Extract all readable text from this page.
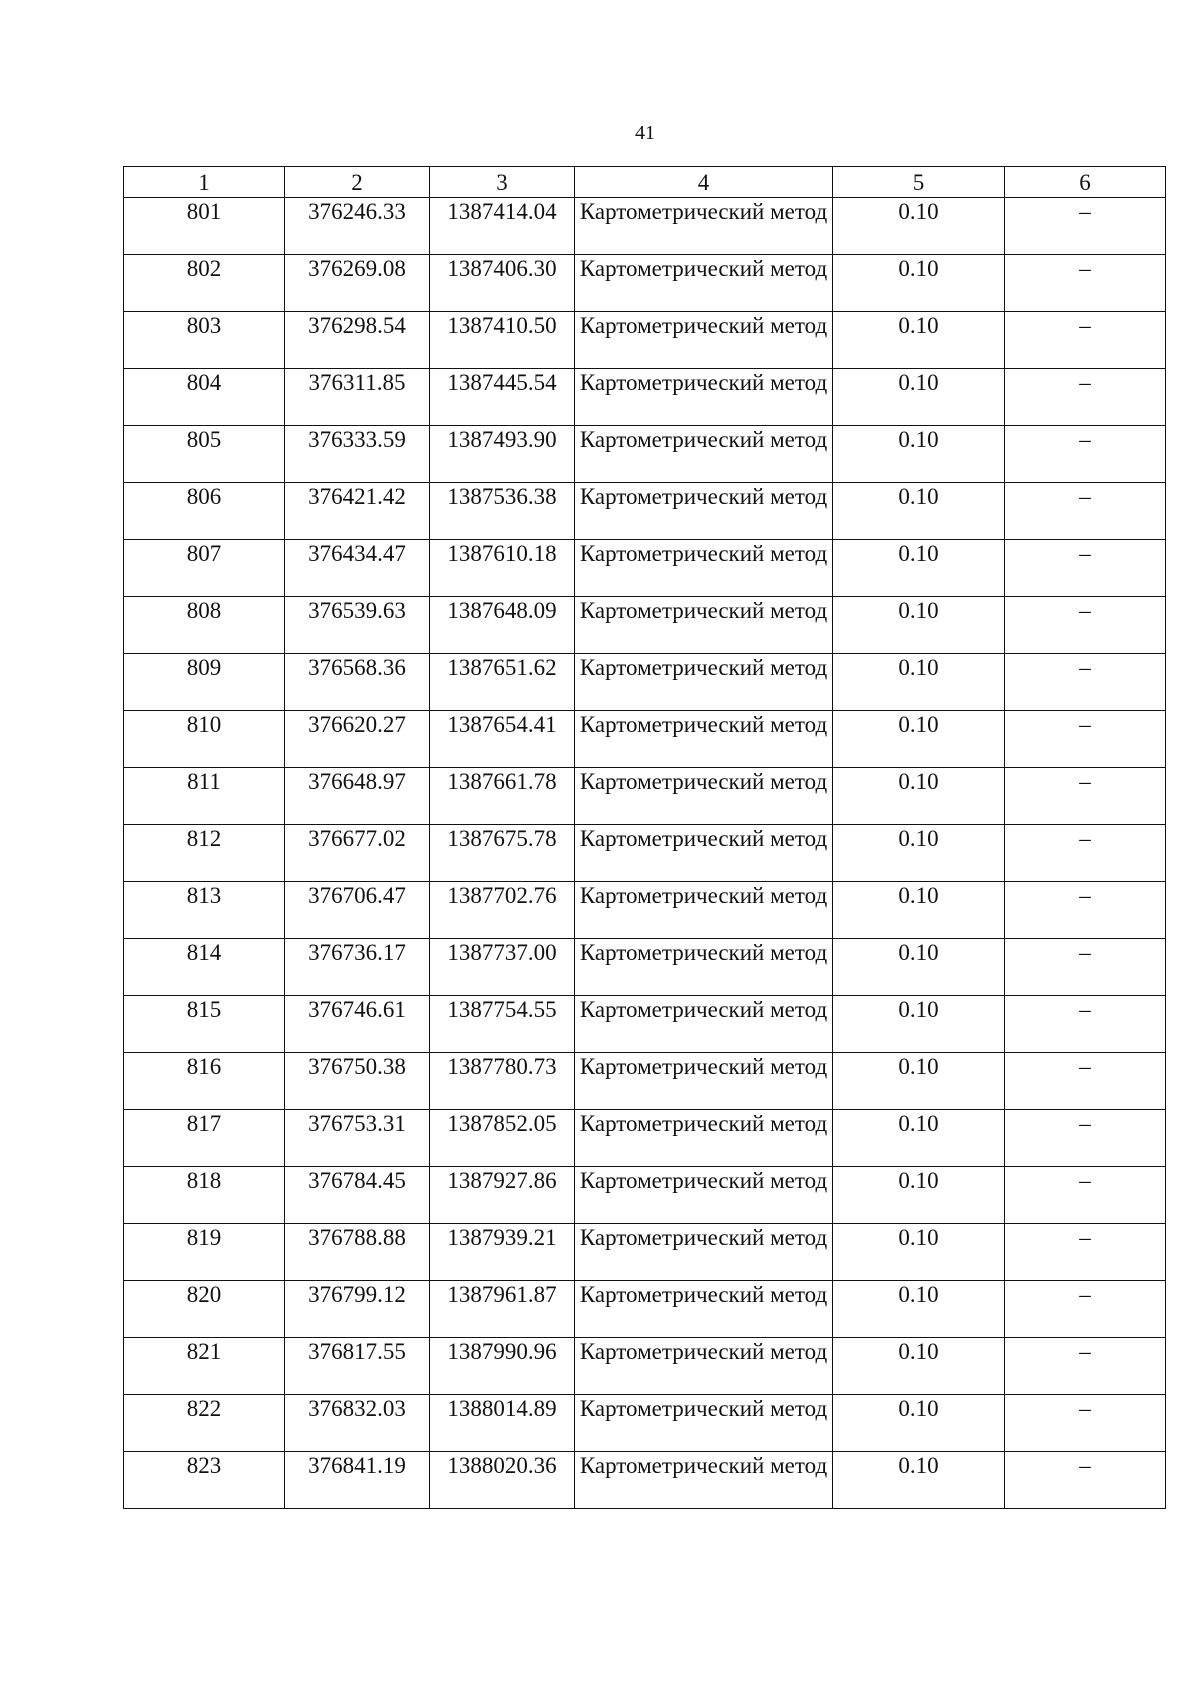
41
1	2	3	4	5	6
801	376246.33	1387414.04	Картометрический метод	0.10	–
802	376269.08	1387406.30	Картометрический метод	0.10	–
803	376298.54	1387410.50	Картометрический метод	0.10	–
804	376311.85	1387445.54	Картометрический метод	0.10	–
805	376333.59	1387493.90	Картометрический метод	0.10	–
806	376421.42	1387536.38	Картометрический метод	0.10	–
807	376434.47	1387610.18	Картометрический метод	0.10	–
808	376539.63	1387648.09	Картометрический метод	0.10	–
809	376568.36	1387651.62	Картометрический метод	0.10	–
810	376620.27	1387654.41	Картометрический метод	0.10	–
811	376648.97	1387661.78	Картометрический метод	0.10	–
812	376677.02	1387675.78	Картометрический метод	0.10	–
813	376706.47	1387702.76	Картометрический метод	0.10	–
814	376736.17	1387737.00	Картометрический метод	0.10	–
815	376746.61	1387754.55	Картометрический метод	0.10	–
816	376750.38	1387780.73	Картометрический метод	0.10	–
817	376753.31	1387852.05	Картометрический метод	0.10	–
818	376784.45	1387927.86	Картометрический метод	0.10	–
819	376788.88	1387939.21	Картометрический метод	0.10	–
820	376799.12	1387961.87	Картометрический метод	0.10	–
821	376817.55	1387990.96	Картометрический метод	0.10	–
822	376832.03	1388014.89	Картометрический метод	0.10	–
823	376841.19	1388020.36	Картометрический метод	0.10	–
